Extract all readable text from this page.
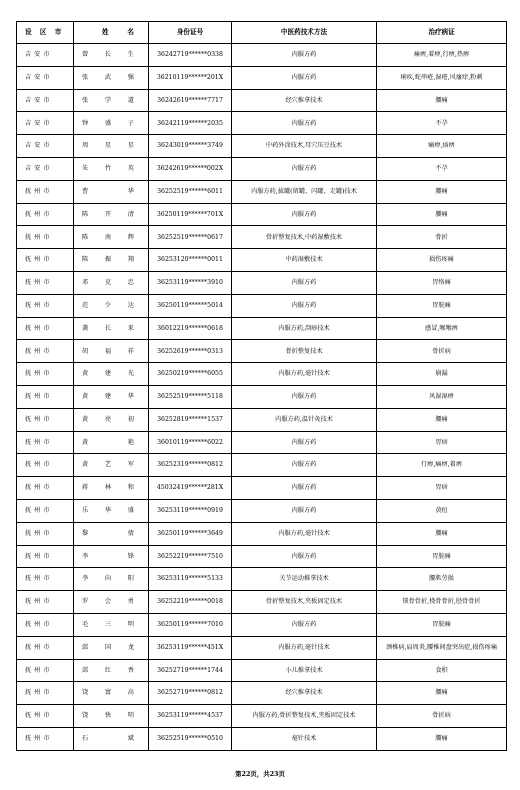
设 区 市	姓 名	身份证号	中医药技术方法	治疗病证
吉安市	曾长生	36242719******0338	内服方药	痛痹,着痹,行痹,热痹
吉安市	张武强	36210119******201X	内服方药	痢疾,蛇串疮,湿疮,风瘙痒,粉刺
吉安市	张学道	36242619******7717	经穴推拿技术	腰痛
吉安市	钟盛子	36242119******2035	内服方药	不孕
吉安市	周星星	36243019******3749	中药外涂技术,耳穴压豆技术	痛痹,痰痹
吉安市	朱竹英	36242619******002X	内服方药	不孕
抚州市	曹华	36252519******6011	内服方药,拔罐(留罐、闪罐、走罐)技术	腰痛
抚州市	陈开清	36250119******701X	内服方药	腰痛
抚州市	陈南辉	36252519******0617	骨折整复技术,中药湿敷技术	骨折
抚州市	陈振翔	36253120******0011	中药湿敷技术	损伤疼痛
抚州市	邓克忠	36253119******3910	内服方药	胃络痛
抚州市	范少达	36250119******5014	内服方药	胃脘痛
抚州市	龚长来	36012219******0618	内服方药,刮痧技术	感冒,喉喉痹
抚州市	胡福祥	36252619******0313	骨折整复技术	骨折病
抚州市	黄建光	36250219******6055	内服方药,毫针技术	崩漏
抚州市	黄建华	36252519******5118	内服方药	风湿湿痹
抚州市	黄亮初	36252819******1537	内服方药,温针灸技术	腰痛
抚州市	黄艳	36010119******6022	内服方药	胃痞
抚州市	黄艺军	36252319******0812	内服方药	行痹,痛痹,着痹
抚州市	蒋林和	45032419******281X	内服方药	胃痞
抚州市	乐华盛	36253119******0919	内服方药	黄疸
抚州市	黎倩	36250119******3649	内服方药,毫针技术	腰痛
抚州市	李锋	36252219******7510	内服方药	胃脘痛
抚州市	李向阳	36253119******5133	关节运动推拿技术	腰肌劳损
抚州市	罗会勇	36252219******0018	骨折整复技术,夹板固定技术	锁骨骨折,桡骨骨折,胫骨骨折
抚州市	毛三明	36250119******7010	内服方药	胃脘痛
抚州市	邱国龙	36253119******451X	内服方药,毫针技术	颈椎病,肩周炎,腰椎间盘突出症,损伤疼痛
抚州市	邱红香	36252719******1744	小儿推拿技术	食积
抚州市	饶富高	36252719******0812	经穴推拿技术	腰痛
抚州市	饶快明	36253119******4537	内服方药,骨折整复技术,夹板固定技术	骨折病
抚州市	石斌	36252519******0510	毫针技术	腰痛
第22页，共23页
